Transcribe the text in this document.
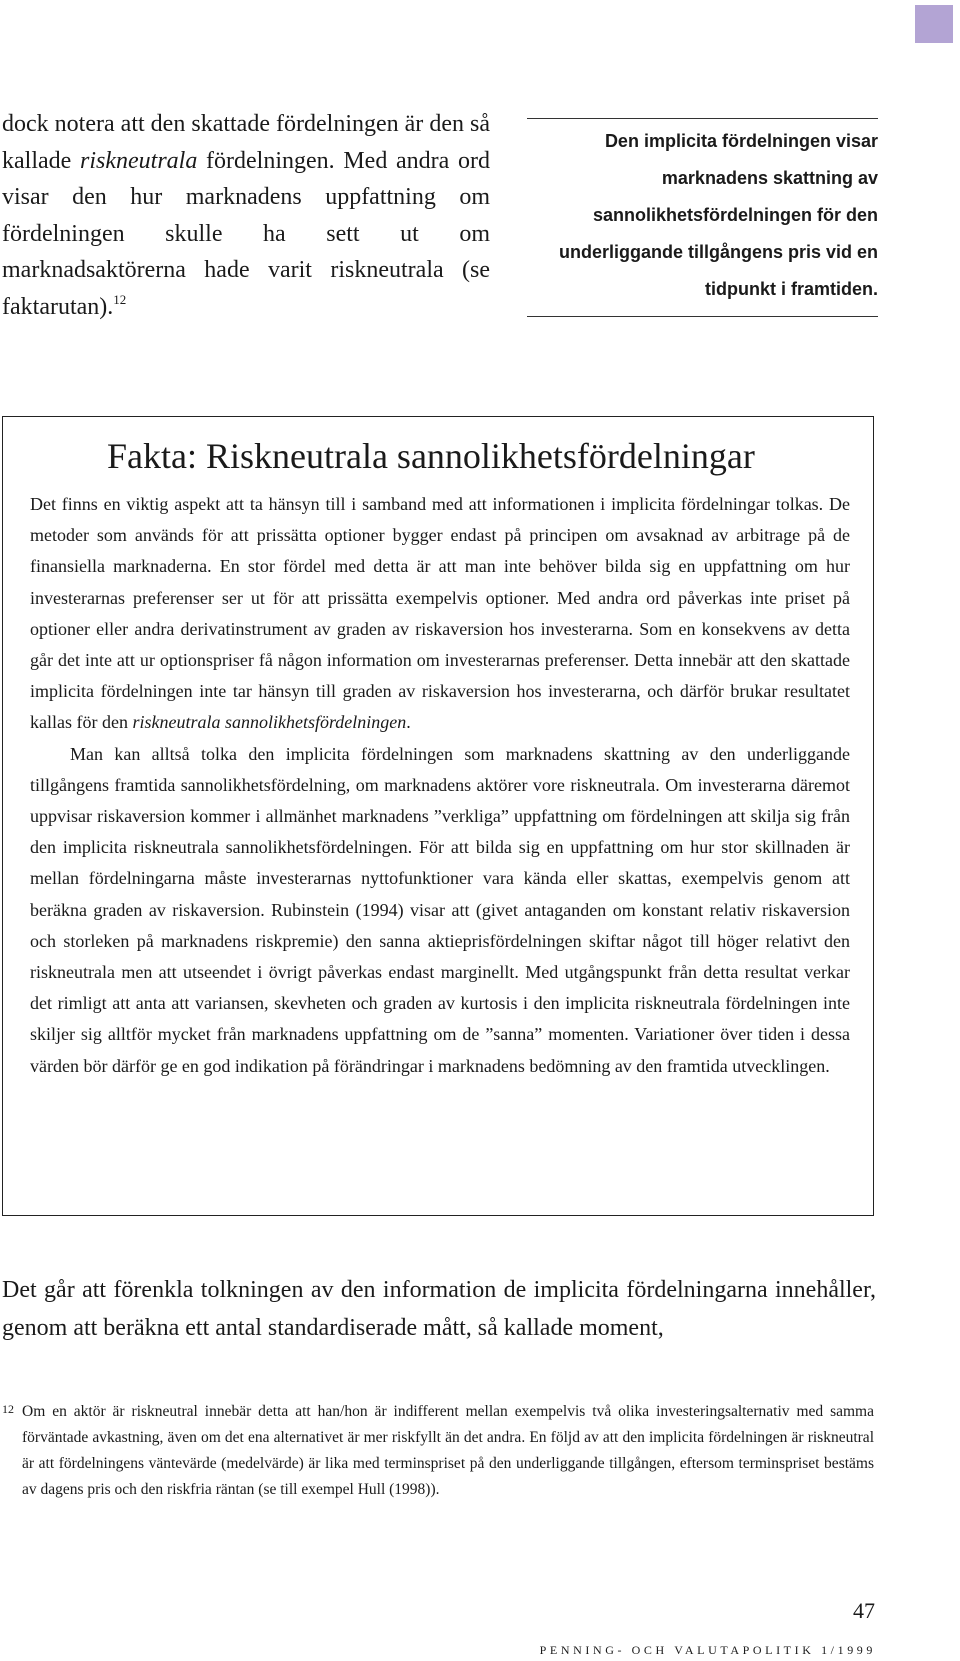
dock notera att den skattade fördelningen är den så kallade riskneutrala fördelningen. Med andra ord visar den hur marknadens uppfattning om fördelningen skulle ha sett ut om marknadsaktörerna hade varit riskneutrala (se faktarutan).$^{12}$
Den implicita fördelningen visar
marknadens skattning av
sannolikhetsfördelningen för den
underliggande tillgångens pris vid en
tidpunkt i framtiden.
Fakta: Riskneutrala sannolikhetsfördelningar

Det finns en viktig aspekt att ta hänsyn till i samband med att informationen i implicita fördelningar tolkas. De metoder som används för att prissätta optioner bygger endast på principen om avsaknad av arbitrage på de finansiella marknaderna. En stor fördel med detta är att man inte behöver bilda sig en uppfattning om hur investerarnas preferenser ser ut för att prissätta exempelvis optioner. Med andra ord påverkas inte priset på optioner eller andra derivatinstrument av graden av riskaversion hos investerarna. Som en konsekvens av detta går det inte att ur optionspriser få någon information om investerarnas preferenser. Detta innebär att den skattade implicita fördelningen inte tar hänsyn till graden av riskaversion hos investerarna, och därför brukar resultatet kallas för den riskneutrala sannolikhetsfördelningen.

Man kan alltså tolka den implicita fördelningen som marknadens skattning av den underliggande tillgångens framtida sannolikhetsfördelning, om marknadens aktörer vore riskneutrala. Om investerarna däremot uppvisar riskaversion kommer i allmänhet marknadens ”verkliga” uppfattning om fördelningen att skilja sig från den implicita riskneutrala sannolikhetsfördelningen. För att bilda sig en uppfattning om hur stor skillnaden är mellan fördelningarna måste investerarnas nyttofunktioner vara kända eller skattas, exempelvis genom att beräkna graden av riskaversion. Rubinstein (1994) visar att (givet antaganden om konstant relativ riskaversion och storleken på marknadens riskpremie) den sanna aktieprisfördelningen skiftar något till höger relativt den riskneutrala men att utseendet i övrigt påverkas endast marginellt. Med utgångspunkt från detta resultat verkar det rimligt att anta att variansen, skevheten och graden av kurtosis i den implicita riskneutrala fördelningen inte skiljer sig alltför mycket från marknadens uppfattning om de ”sanna” momenten. Variationer över tiden i dessa värden bör därför ge en god indikation på förändringar i marknadens bedömning av den framtida utvecklingen.

Det går att förenkla tolkningen av den information de implicita fördelningarna innehåller, genom att beräkna ett antal standardiserade mått, så kallade moment,
12 Om en aktör är riskneutral innebär detta att han/hon är indifferent mellan exempelvis två olika investeringsalternativ med samma förväntade avkastning, även om det ena alternativet är mer riskfyllt än det andra. En följd av att den implicita fördelningen är riskneutral är att fördelningens väntevärde (medelvärde) är lika med terminspriset på den underliggande tillgången, eftersom terminspriset bestäms av dagens pris och den riskfria räntan (se till exempel Hull (1998)).
47
PENNING- OCH VALUTAPOLITIK 1/1999
